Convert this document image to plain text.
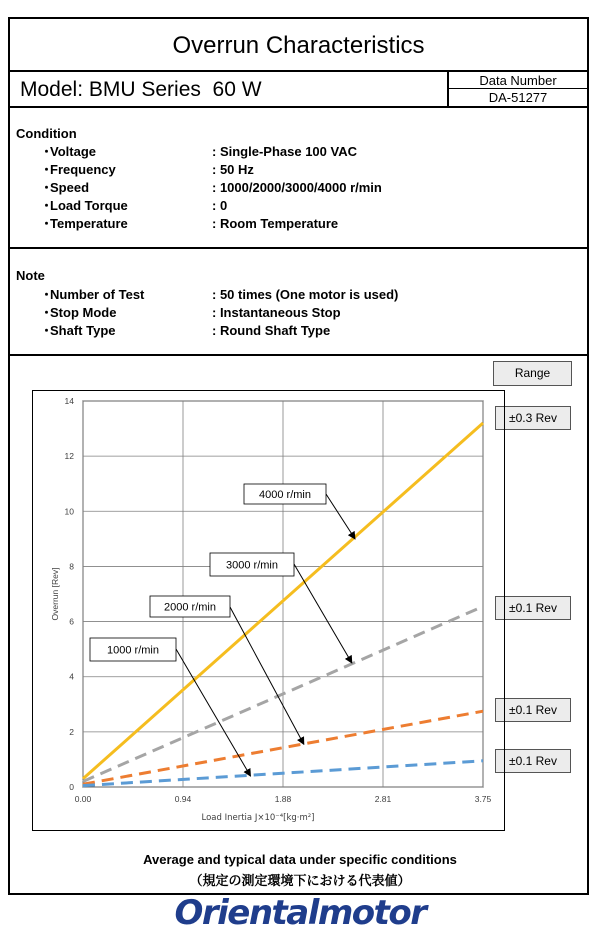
Overrun Characteristics
Model: BMU Series  60 W	Data Number
DA-51277
Condition
・Voltage	: Single-Phase 100 VAC
・Frequency	: 50 Hz
・Speed	: 1000/2000/3000/4000 r/min
・Load Torque	: 0
・Temperature	: Room Temperature
Note
・Number of Test	: 50 times (One motor is used)
・Stop Mode	: Instantaneous Stop
・Shaft Type	: Round Shaft Type
Range
±0.3 Rev
±0.1 Rev
±0.1 Rev
±0.1 Rev
4000 r/min
3000 r/min
2000 r/min
1000 r/min
0.00	0.94	1.88	2.81	3.75
0
2
4
6
8
10
12
14
Load Inertia J×10⁻⁴[kg·m²]
Overrun [Rev]
Average and typical data under specific conditions
（規定の測定環境下における代表値）
Orientalmotor
